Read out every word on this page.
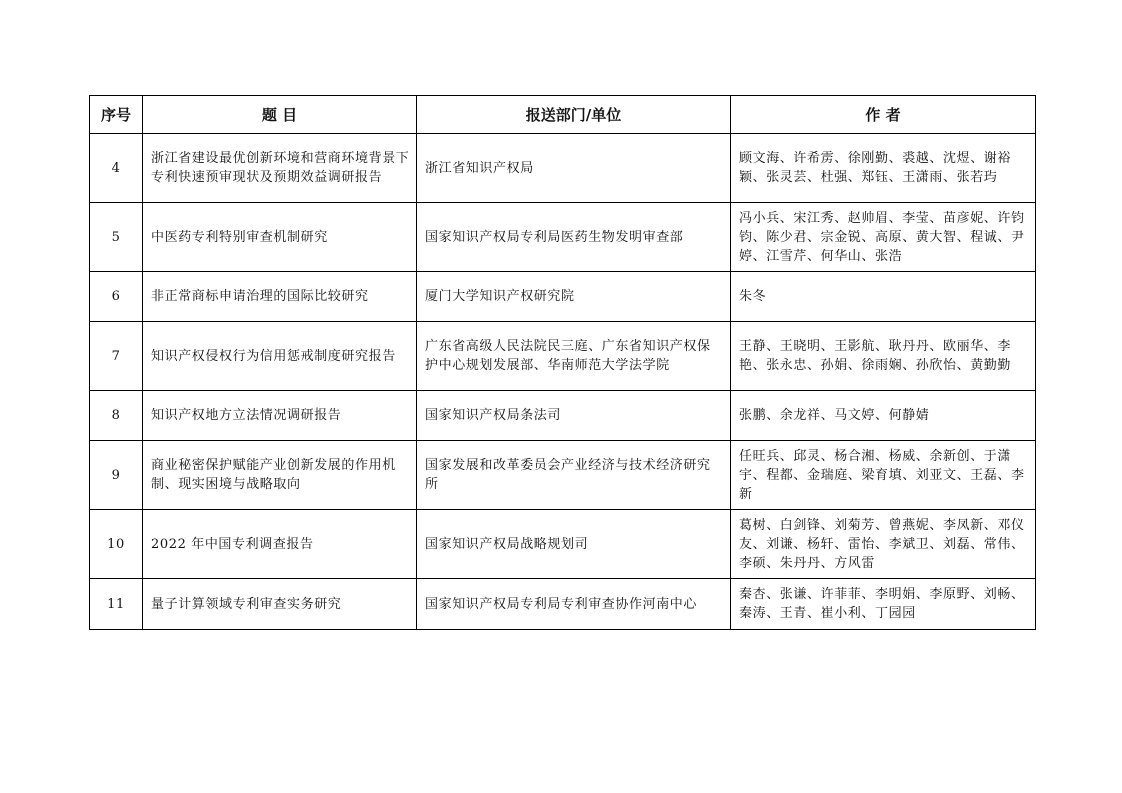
序号	题 目	报送部门/单位	作 者
4	浙江省建设最优创新环境和营商环境背景下专利快速预审现状及预期效益调研报告	浙江省知识产权局	顾文海、许希雳、徐刚勤、裘越、沈煜、谢裕颖、张灵芸、杜强、郑钰、王潇雨、张若玙
5	中医药专利特别审查机制研究	国家知识产权局专利局医药生物发明审查部	冯小兵、宋江秀、赵帅眉、李莹、苗彦妮、许钧钧、陈少君、宗金锐、高原、黄大智、程诚、尹婷、江雪芹、何华山、张浩
6	非正常商标申请治理的国际比较研究	厦门大学知识产权研究院	朱冬
7	知识产权侵权行为信用惩戒制度研究报告	广东省高级人民法院民三庭、广东省知识产权保护中心规划发展部、华南师范大学法学院	王静、王晓明、王影航、耿丹丹、欧丽华、李艳、张永忠、孙娟、徐雨娴、孙欣怡、黄勤勤
8	知识产权地方立法情况调研报告	国家知识产权局条法司	张鹏、余龙祥、马文婷、何静婧
9	商业秘密保护赋能产业创新发展的作用机制、现实困境与战略取向	国家发展和改革委员会产业经济与技术经济研究所	任旺兵、邱灵、杨合湘、杨威、余新创、于潇宇、程都、金瑞庭、梁育填、刘亚文、王磊、李新
10	2022 年中国专利调查报告	国家知识产权局战略规划司	葛树、白剑锋、刘菊芳、曾燕妮、李凤新、邓仪友、刘谦、杨轩、雷怡、李斌卫、刘磊、常伟、李硕、朱丹丹、方风雷
11	量子计算领域专利审查实务研究	国家知识产权局专利局专利审查协作河南中心	秦杏、张谦、许菲菲、李明娟、李原野、刘畅、秦涛、王青、崔小利、丁园园
